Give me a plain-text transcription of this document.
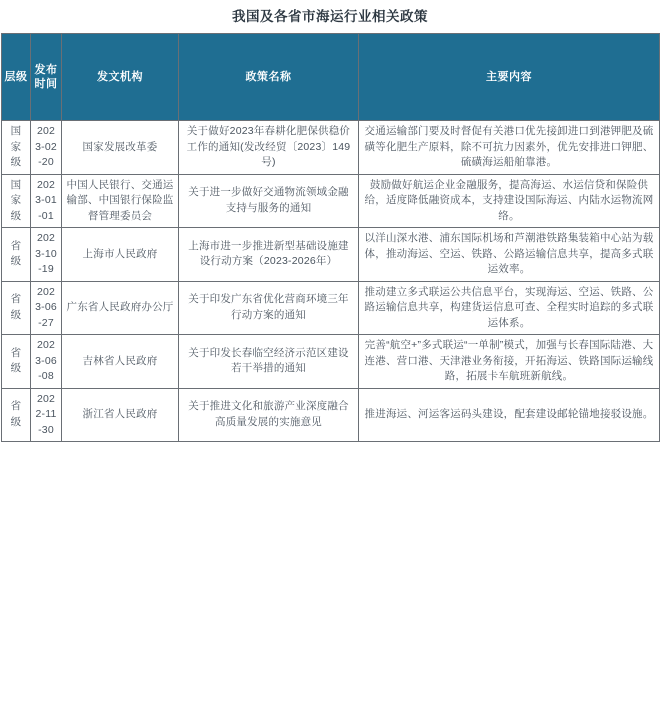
我国及各省市海运行业相关政策
层级	发布时间	发文机构	政策名称	主要内容
国家级	2023-02-20	国家发展改革委	关于做好2023年春耕化肥保供稳价工作的通知(发改经贸〔2023〕149号)	交通运输部门要及时督促有关港口优先接卸进口到港钾肥及硫磺等化肥生产原料，除不可抗力因素外，优先安排进口钾肥、硫磺海运船舶靠港。
国家级	2023-01-01	中国人民银行、交通运输部、中国银行保险监督管理委员会	关于进一步做好交通物流领域金融支持与服务的通知	鼓励做好航运企业金融服务，提高海运、水运信贷和保险供给，适度降低融资成本，支持建设国际海运、内陆水运物流网络。
省级	2023-10-19	上海市人民政府	上海市进一步推进新型基础设施建设行动方案（2023-2026年）	以洋山深水港、浦东国际机场和芦潮港铁路集装箱中心站为载体，推动海运、空运、铁路、公路运输信息共享，提高多式联运效率。
省级	2023-06-27	广东省人民政府办公厅	关于印发广东省优化营商环境三年行动方案的通知	推动建立多式联运公共信息平台，实现海运、空运、铁路、公路运输信息共享，构建货运信息可查、全程实时追踪的多式联运体系。
省级	2023-06-08	吉林省人民政府	关于印发长春临空经济示范区建设若干举措的通知	完善“航空+”多式联运“一单制”模式，加强与长春国际陆港、大连港、营口港、天津港业务衔接，开拓海运、铁路国际运输线路，拓展卡车航班新航线。
省级	2022-11-30	浙江省人民政府	关于推进文化和旅游产业深度融合高质量发展的实施意见	推进海运、河运客运码头建设，配套建设邮轮锚地接驳设施。
